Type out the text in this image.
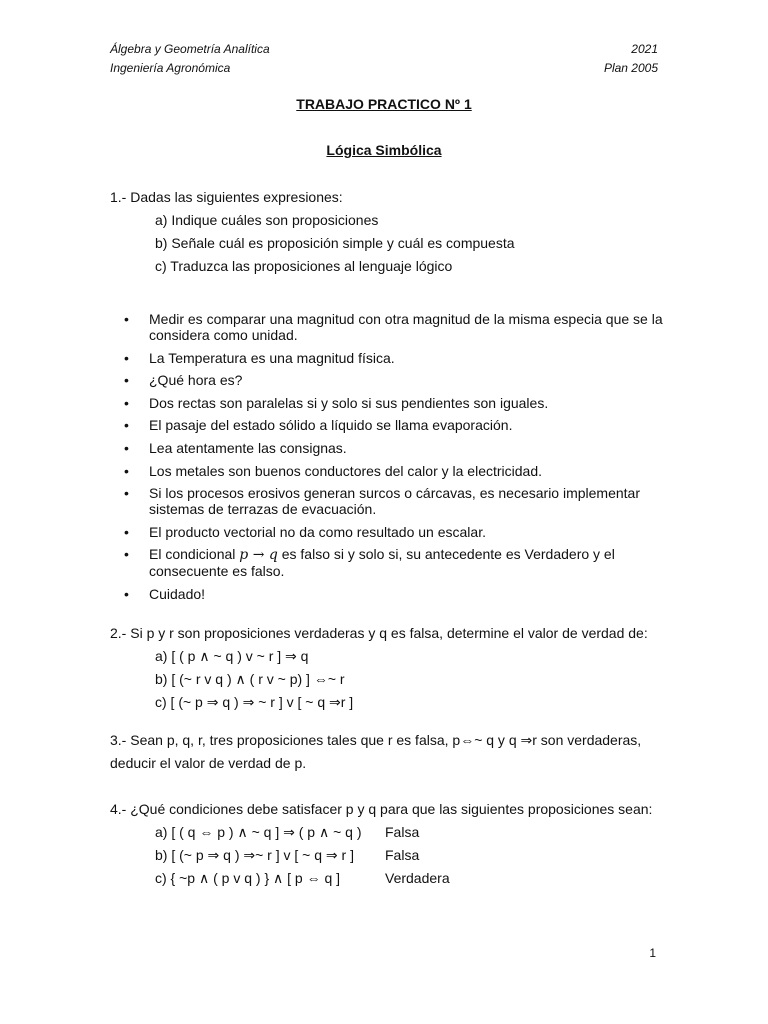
Álgebra y Geometría Analítica
Ingeniería Agronómica
2021
Plan 2005
TRABAJO PRACTICO Nº 1
Lógica Simbólica
1.- Dadas las siguientes expresiones:
a) Indique cuáles son proposiciones
b) Señale cuál es proposición simple y cuál es compuesta
c) Traduzca las proposiciones al lenguaje lógico
• Medir es comparar una magnitud con otra magnitud de la misma especia que se la considera como unidad.
• La Temperatura es una magnitud física.
• ¿Qué hora es?
• Dos rectas son paralelas si y solo si sus pendientes son iguales.
• El pasaje del estado sólido a líquido se llama evaporación.
• Lea atentamente las consignas.
• Los metales son buenos conductores del calor y la electricidad.
• Si los procesos erosivos generan surcos o cárcavas, es necesario implementar sistemas de terrazas de evacuación.
• El producto vectorial no da como resultado un escalar.
• El condicional p → q es falso si y solo si, su antecedente es Verdadero y el consecuente es falso.
• Cuidado!
2.- Si p y r son proposiciones verdaderas y q es falsa, determine el valor de verdad de:
a) [ ( p ∧ ~ q ) v ~ r ] ⇒ q
b) [ (~ r v q ) ∧ ( r v ~ p) ] ⇔~ r
c) [ (~ p ⇒ q ) ⇒ ~ r ] v [ ~ q ⇒r ]
3.- Sean p, q, r, tres proposiciones tales que r es falsa, p⇔~ q y q ⇒r son verdaderas, deducir el valor de verdad de p.
4.- ¿Qué condiciones debe satisfacer p y q para que las siguientes proposiciones sean:
a) [ ( q ⇔ p ) ∧ ~ q ] ⇒ ( p ∧ ~ q )	Falsa
b) [ (~ p ⇒ q ) ⇒~ r ] v [ ~ q ⇒ r ]	Falsa
c) { ~p ∧ ( p v q ) } ∧ [ p ⇔ q ]	Verdadera
1
